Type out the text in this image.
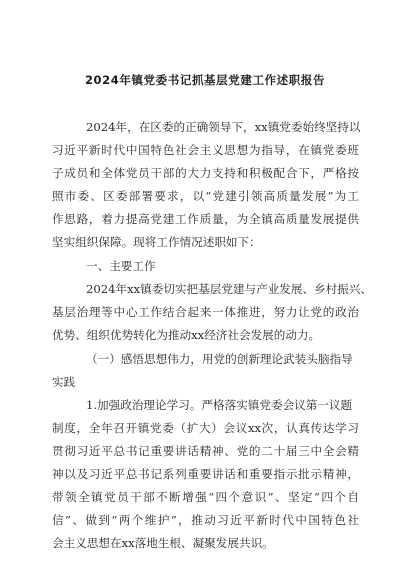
2024年镇党委书记抓基层党建工作述职报告
2024年，在区委的正确领导下，xx镇党委始终坚持以
习近平新时代中国特色社会主义思想为指导，在镇党委班
子成员和全体党员干部的大力支持和积极配合下，严格按
照市委、区委部署要求，以“党建引领高质量发展”为工
作思路，着力提高党建工作质量，为全镇高质量发展提供
坚实组织保障。现将工作情况述职如下：
一、主要工作
2024年xx镇委切实把基层党建与产业发展、乡村振兴、
基层治理等中心工作结合起来一体推进，努力让党的政治
优势、组织优势转化为推动xx经济社会发展的动力。
（一）感悟思想伟力，用党的创新理论武装头脑指导
实践
1.加强政治理论学习。严格落实镇党委会议第一议题
制度，全年召开镇党委（扩大）会议xx次，认真传达学习
贯彻习近平总书记重要讲话精神、党的二十届三中全会精
神以及习近平总书记系列重要讲话和重要指示批示精神，
带领全镇党员干部不断增强“四个意识”、坚定“四个自
信”、做到“两个维护”，推动习近平新时代中国特色社
会主义思想在xx落地生根、凝聚发展共识。
